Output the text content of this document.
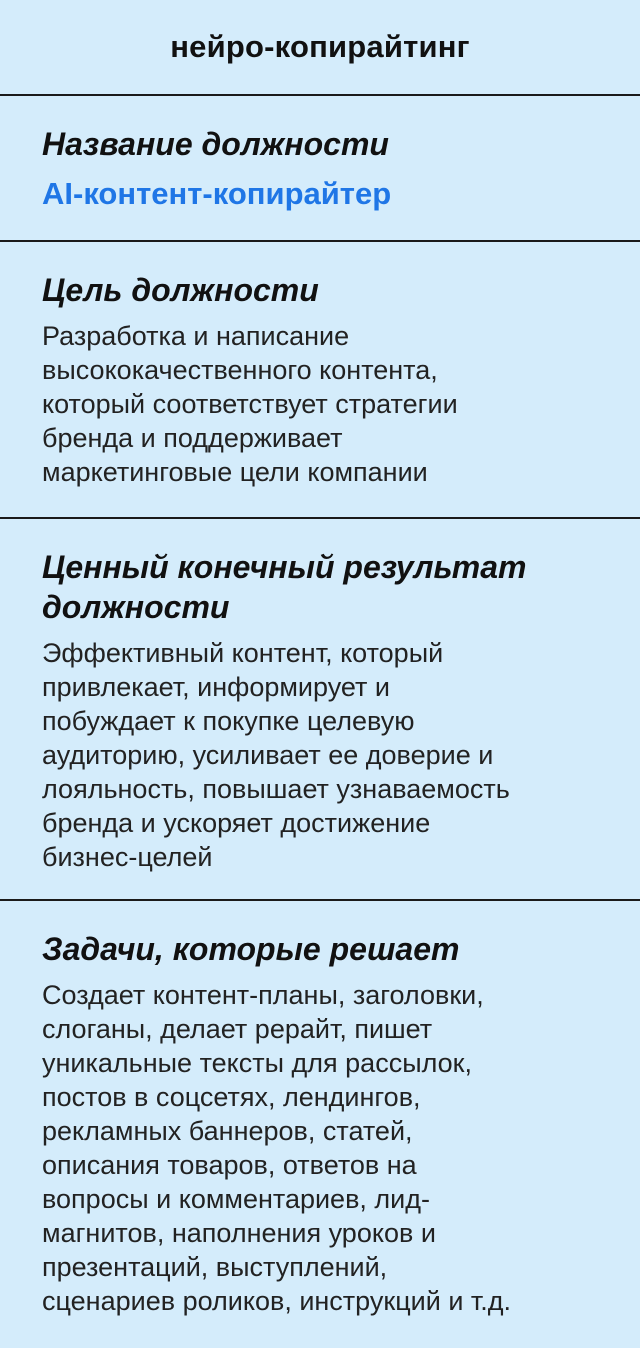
нейро-копирайтинг
Название должности
AI-контент-копирайтер
Цель должности
Разработка и написание
высококачественного контента,
который соответствует стратегии
бренда и поддерживает
маркетинговые цели компании
Ценный конечный результат
должности
Эффективный контент, который
привлекает, информирует и
побуждает к покупке целевую
аудиторию, усиливает ее доверие и
лояльность, повышает узнаваемость
бренда и ускоряет достижение
бизнес-целей
Задачи, которые решает
Создает контент-планы, заголовки,
слоганы, делает рерайт, пишет
уникальные тексты для рассылок,
постов в соцсетях, лендингов,
рекламных баннеров, статей,
описания товаров, ответов на
вопросы и комментариев, лид-
магнитов, наполнения уроков и
презентаций, выступлений,
сценариев роликов, инструкций и т.д.
